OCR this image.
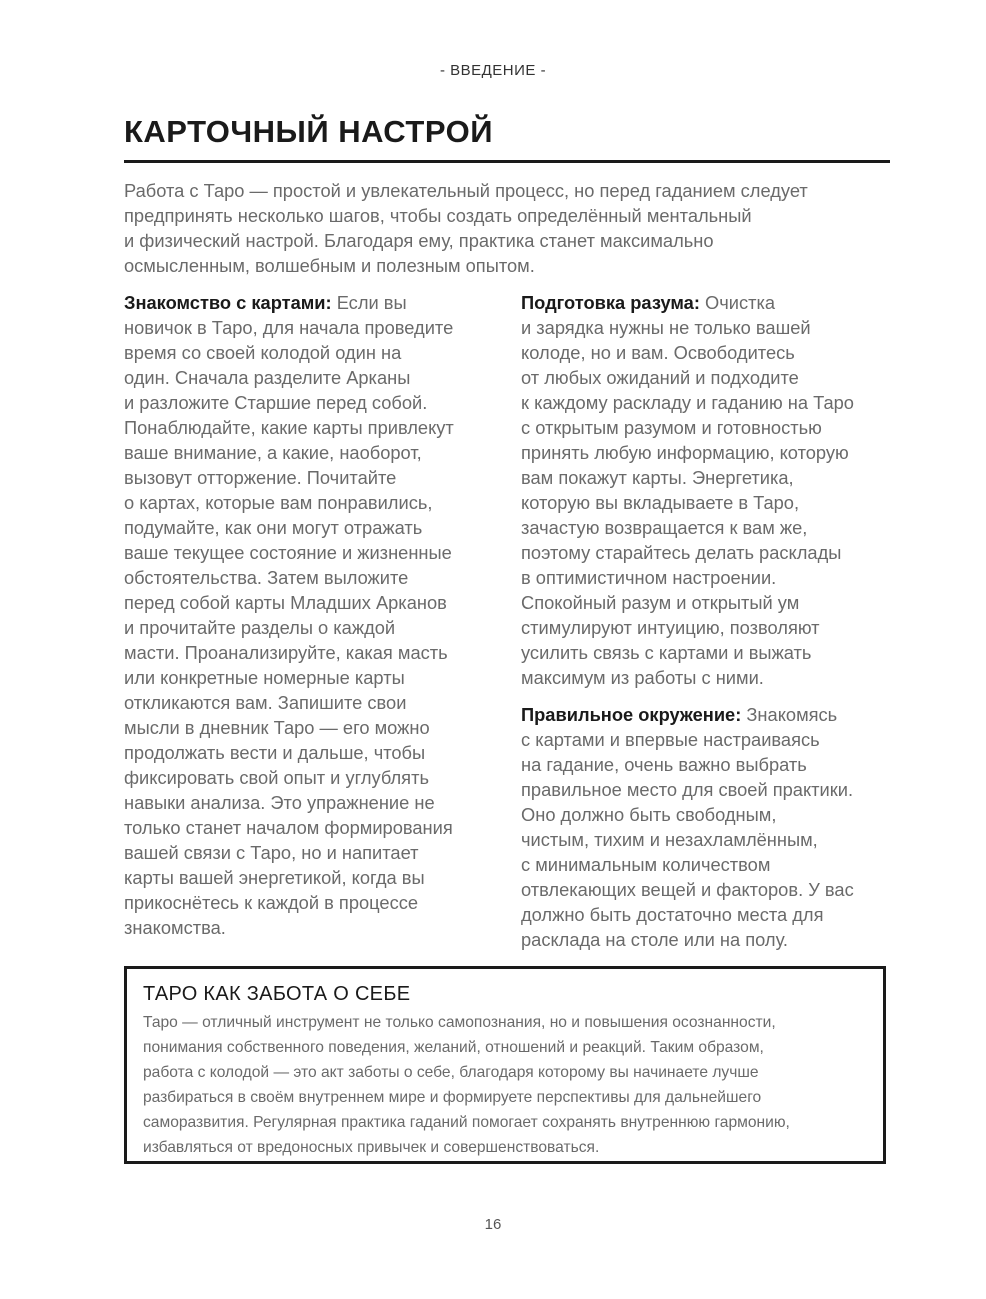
- ВВЕДЕНИЕ -
КАРТОЧНЫЙ НАСТРОЙ
Работа с Таро — простой и увлекательный процесс, но перед гаданием следует
предпринять несколько шагов, чтобы создать определённый ментальный
и физический настрой. Благодаря ему, практика станет максимально
осмысленным, волшебным и полезным опытом.
Знакомство с картами: Если вы
новичок в Таро, для начала проведите
время со своей колодой один на
один. Сначала разделите Арканы
и разложите Старшие перед собой.
Понаблюдайте, какие карты привлекут
ваше внимание, а какие, наоборот,
вызовут отторжение. Почитайте
о картах, которые вам понравились,
подумайте, как они могут отражать
ваше текущее состояние и жизненные
обстоятельства. Затем выложите
перед собой карты Младших Арканов
и прочитайте разделы о каждой
масти. Проанализируйте, какая масть
или конкретные номерные карты
откликаются вам. Запишите свои
мысли в дневник Таро — его можно
продолжать вести и дальше, чтобы
фиксировать свой опыт и углублять
навыки анализа. Это упражнение не
только станет началом формирования
вашей связи с Таро, но и напитает
карты вашей энергетикой, когда вы
прикоснётесь к каждой в процессе
знакомства.
Подготовка разума: Очистка
и зарядка нужны не только вашей
колоде, но и вам. Освободитесь
от любых ожиданий и подходите
к каждому раскладу и гаданию на Таро
с открытым разумом и готовностью
принять любую информацию, которую
вам покажут карты. Энергетика,
которую вы вкладываете в Таро,
зачастую возвращается к вам же,
поэтому старайтесь делать расклады
в оптимистичном настроении.
Спокойный разум и открытый ум
стимулируют интуицию, позволяют
усилить связь с картами и выжать
максимум из работы с ними.
Правильное окружение: Знакомясь
с картами и впервые настраиваясь
на гадание, очень важно выбрать
правильное место для своей практики.
Оно должно быть свободным,
чистым, тихим и незахламлённым,
с минимальным количеством
отвлекающих вещей и факторов. У вас
должно быть достаточно места для
расклада на столе или на полу.
ТАРО КАК ЗАБОТА О СЕБЕ
Таро — отличный инструмент не только самопознания, но и повышения осознанности,
понимания собственного поведения, желаний, отношений и реакций. Таким образом,
работа с колодой — это акт заботы о себе, благодаря которому вы начинаете лучше
разбираться в своём внутреннем мире и формируете перспективы для дальнейшего
саморазвития. Регулярная практика гаданий помогает сохранять внутреннюю гармонию,
избавляться от вредоносных привычек и совершенствоваться.
16
